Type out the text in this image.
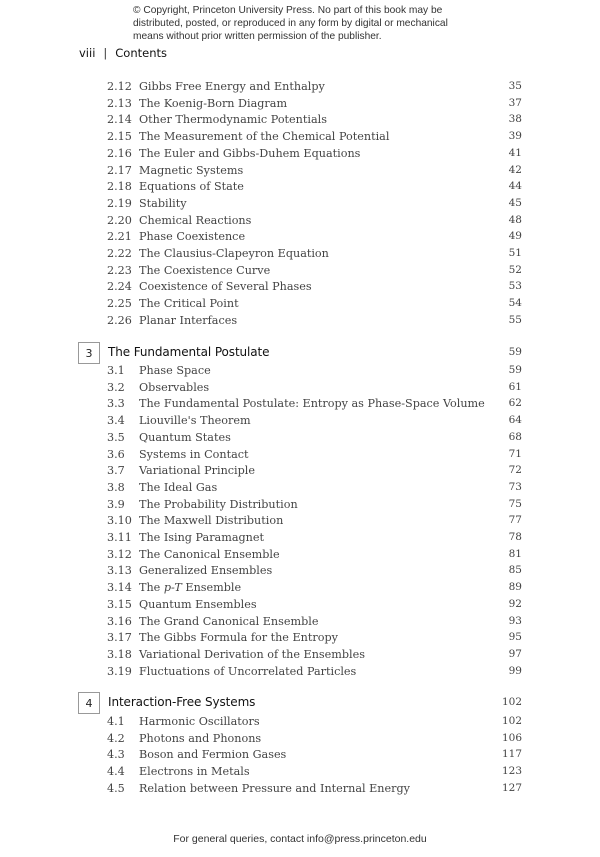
© Copyright, Princeton University Press. No part of this book may be
distributed, posted, or reproduced in any form by digital or mechanical
means without prior written permission of the publisher.
viii | Contents
2.12 Gibbs Free Energy and Enthalpy	35
2.13 The Koenig-Born Diagram	37
2.14 Other Thermodynamic Potentials	38
2.15 The Measurement of the Chemical Potential	39
2.16 The Euler and Gibbs-Duhem Equations	41
2.17 Magnetic Systems	42
2.18 Equations of State	44
2.19 Stability	45
2.20 Chemical Reactions	48
2.21 Phase Coexistence	49
2.22 The Clausius-Clapeyron Equation	51
2.23 The Coexistence Curve	52
2.24 Coexistence of Several Phases	53
2.25 The Critical Point	54
2.26 Planar Interfaces	55
3	The Fundamental Postulate	59
3.1 Phase Space	59
3.2 Observables	61
3.3 The Fundamental Postulate: Entropy as Phase-Space Volume 62
3.4 Liouville's Theorem	64
3.5 Quantum States	68
3.6 Systems in Contact	71
3.7 Variational Principle	72
3.8 The Ideal Gas	73
3.9 The Probability Distribution	75
3.10 The Maxwell Distribution	77
3.11 The Ising Paramagnet	78
3.12 The Canonical Ensemble	81
3.13 Generalized Ensembles	85
3.14 The p-T Ensemble	89
3.15 Quantum Ensembles	92
3.16 The Grand Canonical Ensemble	93
3.17 The Gibbs Formula for the Entropy	95
3.18 Variational Derivation of the Ensembles	97
3.19 Fluctuations of Uncorrelated Particles	99
4	Interaction-Free Systems	102
4.1 Harmonic Oscillators	102
4.2 Photons and Phonons	106
4.3 Boson and Fermion Gases	117
4.4 Electrons in Metals	123
4.5 Relation between Pressure and Internal Energy	127
For general queries, contact info@press.princeton.edu
